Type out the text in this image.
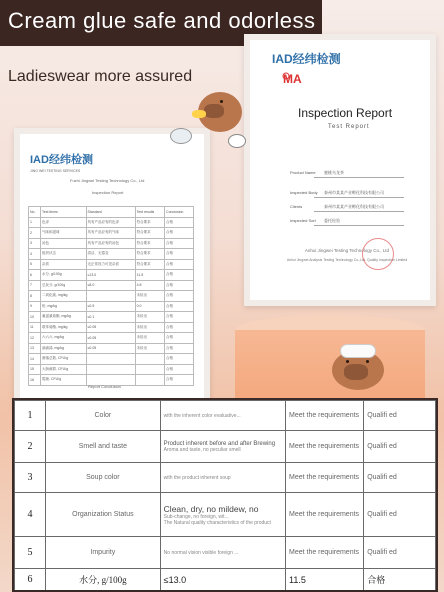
Cream glue safe and odorless
Ladieswear more assured
IAD经纬检测
MA
Inspection Report
Test Report
Product Name 蜜桃乌龙茶
Inspected Body 泰州市某某产业孵化科技有限公司
Clients	泰州市某某产业孵化科技有限公司
Inspected Sort 委托检验
Anhui Jingwei Testing Technology Co., Ltd
Anhui Jingwei Analysis Testing Technology Co.,Ltd. Quality Inspection Limited
IAD经纬检测
JING WEI TESTING SERVICES
Fuzhi Jingwei Testing Technology Co., Ltd
Inspection Report
No.	Test items	Standard	Test results	Conclusion
1	色泽	具有产品应有的色泽	符合要求	合格
2	气味和滋味	具有产品应有的气味	符合要求	合格
3	汤色	具有产品应有的汤色	符合要求	合格
4	组织状态	清洁、无霉变	符合要求	合格
5	杂质	无正常视力可见杂质	符合要求	合格
6	水分, g/100g	≤13.0	11.5	合格
7	总灰分, g/100g	≤8.0	4.8	合格
8	二氧化硫, mg/kg		未检出	合格
9	铅, mg/kg	≤0.5	0.0	合格
10	氟氯氰菊酯, mg/kg	≤0.1	未检出	合格
11	联苯菊酯, mg/kg	≤0.05	未检出	合格
12	六六六, mg/kg	≤0.05	未检出	合格
13	滴滴涕, mg/kg	≤0.05	未检出	合格
14	菌落总数, CFU/g			合格
15	大肠菌群, CFU/g			合格
16	霉菌, CFU/g			合格
Report Conclusion
1	Color	with the inherent color evaluative...	Meet the requirements	Qualifi ed
2	Smell and taste	Product inherent before and after Brewing
Aroma and taste, no peculiar smell	Meet the requirements	Qualifi ed
3	Soup color	with the product inherent soup	Meet the requirements	Qualifi ed
4	Organization Status	Clean, dry, no mildew, no
Sub-change, no foreign, wit...
The Natural quality characteristics of the product	Meet the requirements	Qualifi ed
5	Impurity	No normal vision visible foreign ...	Meet the requirements	Qualifi ed
6	水分, g/100g	≤13.0	11.5	合格
